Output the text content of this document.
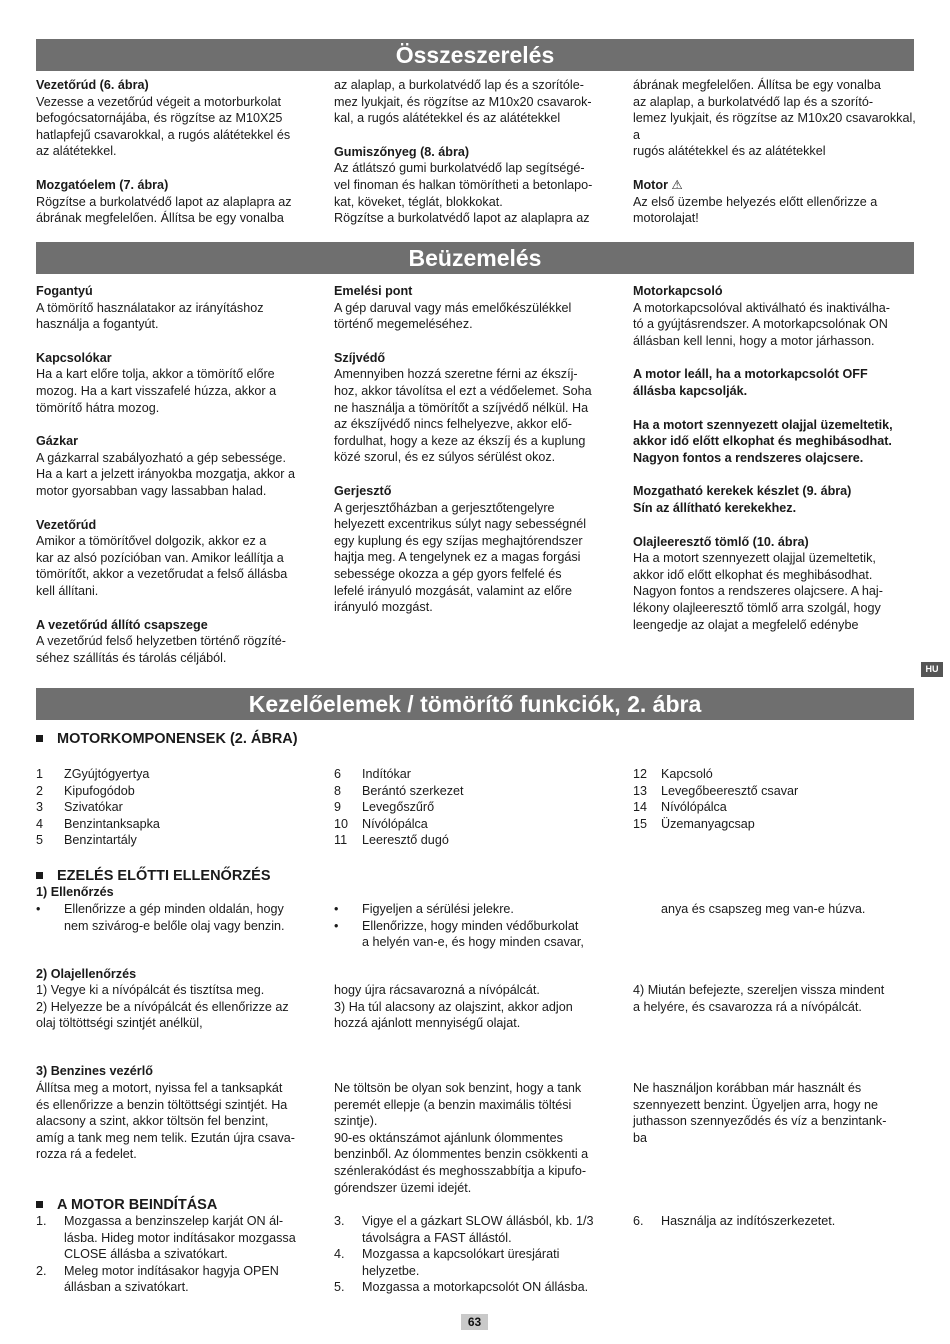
Összeszerelés

Vezetőrúd (6. ábra)

Vezesse a vezetőrúd végeit a motorburkolat

befogócsatornájába, és rögzítse az M10X25

hatlapfejű csavarokkal, a rugós alátétekkel és

az alátétekkel.

Mozgatóelem (7. ábra)

Rögzítse a burkolatvédő lapot az alaplapra az

ábrának megfelelően. Állítsa be egy vonalba

az alaplap, a burkolatvédő lap és a szorítóle-

mez lyukjait, és rögzítse az M10x20 csavarok-

kal, a rugós alátétekkel és az alátétekkel

Gumiszőnyeg (8. ábra)

Az átlátszó gumi burkolatvédő lap segítségé-

vel finoman és halkan tömörítheti a betonlapo-

kat, köveket, téglát, blokkokat.

Rögzítse a burkolatvédő lapot az alaplapra az

ábrának megfelelően. Állítsa be egy vonalba

az alaplap, a burkolatvédő lap és a szorító-

lemez lyukjait, és rögzítse az M10x20 csavarokkal, a

rugós alátétekkel és az alátétekkel

Motor ⚠

Az első üzembe helyezés előtt ellenőrizze a

motorolajat!

Beüzemelés

Fogantyú

A tömörítő használatakor az irányításhoz

használja a fogantyút.

Kapcsolókar

Ha a kart előre tolja, akkor a tömörítő előre

mozog. Ha a kart visszafelé húzza, akkor a

tömörítő hátra mozog.

Gázkar

A gázkarral szabályozható a gép sebessége.

Ha a kart a jelzett irányokba mozgatja, akkor a

motor gyorsabban vagy lassabban halad.

Vezetőrúd

Amikor a tömörítővel dolgozik, akkor ez a

kar az alsó pozícióban van. Amikor leállítja a

tömörítőt, akkor a vezetőrudat a felső állásba

kell állítani.

A vezetőrúd állító csapszege

A vezetőrúd felső helyzetben történő rögzíté-

séhez szállítás és tárolás céljából.

Emelési pont

A gép daruval vagy más emelőkészülékkel

történő megemeléséhez.

Szíjvédő

Amennyiben hozzá szeretne férni az ékszíj-

hoz, akkor távolítsa el ezt a védőelemet. Soha

ne használja a tömörítőt a szíjvédő nélkül. Ha

az ékszíjvédő nincs felhelyezve, akkor elő-

fordulhat, hogy a keze az ékszíj és a kuplung

közé szorul, és ez súlyos sérülést okoz.

Gerjesztő

A gerjesztőházban a gerjesztőtengelyre

helyezett excentrikus súlyt nagy sebességnél

egy kuplung és egy szíjas meghajtórendszer

hajtja meg. A tengelynek ez a magas forgási

sebessége okozza a gép gyors felfelé és

lefelé irányuló mozgását, valamint az előre

irányuló mozgást.

Motorkapcsoló

A motorkapcsolóval aktiválható és inaktiválha-

tó a gyújtásrendszer. A motorkapcsolónak ON

állásban kell lenni, hogy a motor járhasson.

A motor leáll, ha a motorkapcsolót OFF

állásba kapcsolják.

Ha a motort szennyezett olajjal üzemeltetik,

akkor idő előtt elkophat és meghibásodhat.

Nagyon fontos a rendszeres olajcsere.

Mozgatható kerekek készlet (9. ábra)

Sín az állítható kerekekhez.

Olajleeresztő tömlő (10. ábra)

Ha a motort szennyezett olajjal üzemeltetik,

akkor idő előtt elkophat és meghibásodhat.

Nagyon fontos a rendszeres olajcsere. A haj-

lékony olajleeresztő tömlő arra szolgál, hogy

leengedje az olajat a megfelelő edénybe

HU
Kezelőelemek / tömörítő funkciók, 2. ábra
MOTORKOMPONENSEK (2. ÁBRA)
1	ZGyújtógyertya
2	Kipufogódob
3	Szivatókar
4	Benzintanksapka
5	Benzintartály
6	Indítókar
8	Berántó szerkezet
9	Levegőszűrő
10	Nívólópálca
11	Leeresztő dugó
12	Kapcsoló
13	Levegőbeeresztő csavar
14	Nívólópálca
15	Üzemanyagcsap
EZELÉS ELŐTTI ELLENŐRZÉS
1) Ellenőrzés
•	Ellenőrizze a gép minden oldalán, hogy

nem szivárog-e belőle olaj vagy benzin.

•	Figyeljen a sérülési jelekre.

•	Ellenőrizze, hogy minden védőburkolat

a helyén van-e, és hogy minden csavar,

anya és csapszeg meg van-e húzva.

2) Olajellenőrzés

1) Vegye ki a nívópálcát és tisztítsa meg.

2) Helyezze be a nívópálcát és ellenőrizze az

olaj töltöttségi szintjét anélkül,

hogy újra rácsavarozná a nívópálcát.

3) Ha túl alacsony az olajszint, akkor adjon

hozzá ajánlott mennyiségű olajat.

4) Miután befejezte, szereljen vissza mindent

a helyére, és csavarozza rá a nívópálcát.

3) Benzines vezérlő

Állítsa meg a motort, nyissa fel a tanksapkát

és ellenőrizze a benzin töltöttségi szintjét. Ha

alacsony a szint, akkor töltsön fel benzint,

amíg a tank meg nem telik. Ezután újra csava-

rozza rá a fedelet.

Ne töltsön be olyan sok benzint, hogy a tank

peremét ellepje (a benzin maximális töltési

szintje).

90-es oktánszámot ajánlunk ólommentes

benzinből. Az ólommentes benzin csökkenti a

szénlerakódást és meghosszabbítja a kipufo-

górendszer üzemi idejét.

Ne használjon korábban már használt és

szennyezett benzint. Ügyeljen arra, hogy ne

juthasson szennyeződés és víz a benzintank-

ba

A MOTOR BEINDÍTÁSA
1.	Mozgassa a benzinszelep karját ON ál-

lásba. Hideg motor indításakor mozgassa

CLOSE állásba a szivatókart.

2.	Meleg motor indításakor hagyja OPEN

állásban a szivatókart.

3.	Vigye el a gázkart SLOW állásból, kb. 1/3

távolságra a FAST állástól.

4.	Mozgassa a kapcsolókart üresjárati

helyzetbe.

5.	Mozgassa a motorkapcsolót ON állásba.

6.	Használja az indítószerkezetet.

63
